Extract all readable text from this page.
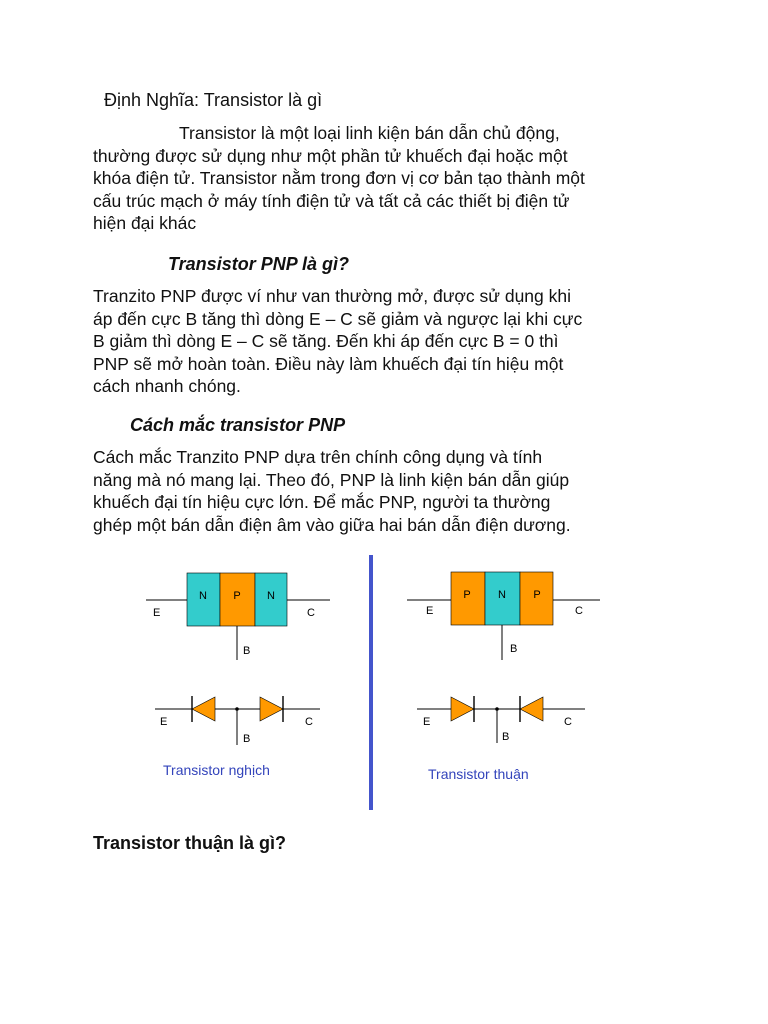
Định Nghĩa: Transistor là gì
Transistor là một loại linh kiện bán dẫn chủ động,
thường được sử dụng như một phần tử khuếch đại hoặc một
khóa điện tử. Transistor nằm trong đơn vị cơ bản tạo thành một
cấu trúc mạch ở máy tính điện tử và tất cả các thiết bị điện tử
hiện đại khác
Transistor PNP là gì?
Tranzito PNP được ví như van thường mở, được sử dụng khi
áp đến cực B tăng thì dòng E – C sẽ giảm và ngược lại khi cực
B giảm thì dòng E – C sẽ tăng. Đến khi áp đến cực B = 0 thì
PNP sẽ mở hoàn toàn. Điều này làm khuếch đại tín hiệu một
cách nhanh chóng.
Cách mắc transistor PNP
Cách mắc Tranzito PNP dựa trên chính công dụng và tính
năng mà nó mang lại. Theo đó, PNP là linh kiện bán dẫn giúp
khuếch đại tín hiệu cực lớn. Để mắc PNP, người ta thường
ghép một bán dẫn điện âm vào giữa hai bán dẫn điện dương.
N P N
E	C
B
E	C
B
Transistor nghịch
P N P
E	C
B
E	C
B
Transistor thuận
Transistor thuận là gì?
